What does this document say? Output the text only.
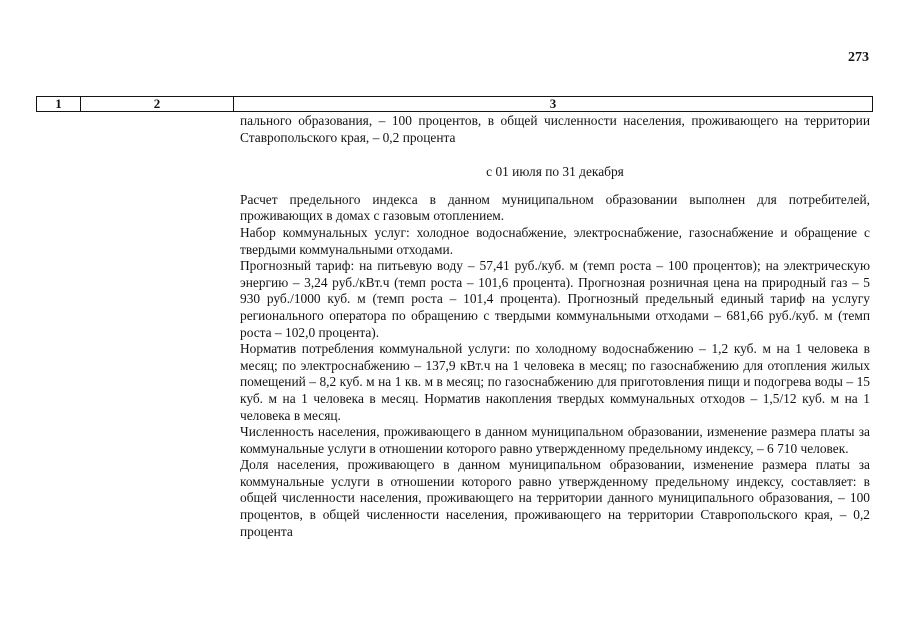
273
1	2	3

пального образования, – 100 процентов, в общей численности населения, проживающего на территории Ставропольского края, – 0,2 процента

с 01 июля по 31 декабря

Расчет предельного индекса в данном муниципальном образовании выполнен для потребителей, проживающих в домах с газовым отоплением.

Набор коммунальных услуг: холодное водоснабжение, электроснабжение, газоснабжение и обращение с твердыми коммунальными отходами.

Прогнозный тариф: на питьевую воду – 57,41 руб./куб. м (темп роста – 100 процентов); на электрическую энергию – 3,24 руб./кВт.ч (темп роста – 101,6 процента). Прогнозная розничная цена на природный газ – 5 930 руб./1000 куб. м (темп роста – 101,4 процента). Прогнозный предельный единый тариф на услугу регионального оператора по обращению с твердыми коммунальными отходами – 681,66 руб./куб. м (темп роста – 102,0 процента).

Норматив потребления коммунальной услуги: по холодному водоснабжению – 1,2 куб. м на 1 человека в месяц; по электроснабжению – 137,9 кВт.ч на 1 человека в месяц; по газоснабжению для отопления жилых помещений – 8,2 куб. м на 1 кв. м в месяц; по газоснабжению для приготовления пищи и подогрева воды – 15 куб. м на 1 человека в месяц. Норматив накопления твердых коммунальных отходов – 1,5/12 куб. м на 1 человека в месяц.

Численность населения, проживающего в данном муниципальном образовании, изменение размера платы за коммунальные услуги в отношении которого равно утвержденному предельному индексу, – 6 710 человек.

Доля населения, проживающего в данном муниципальном образовании, изменение размера платы за коммунальные услуги в отношении которого равно утвержденному предельному индексу, составляет: в общей численности населения, проживающего на территории данного муниципального образования, – 100 процентов, в общей численности населения, проживающего на территории Ставропольского края, – 0,2 процента
